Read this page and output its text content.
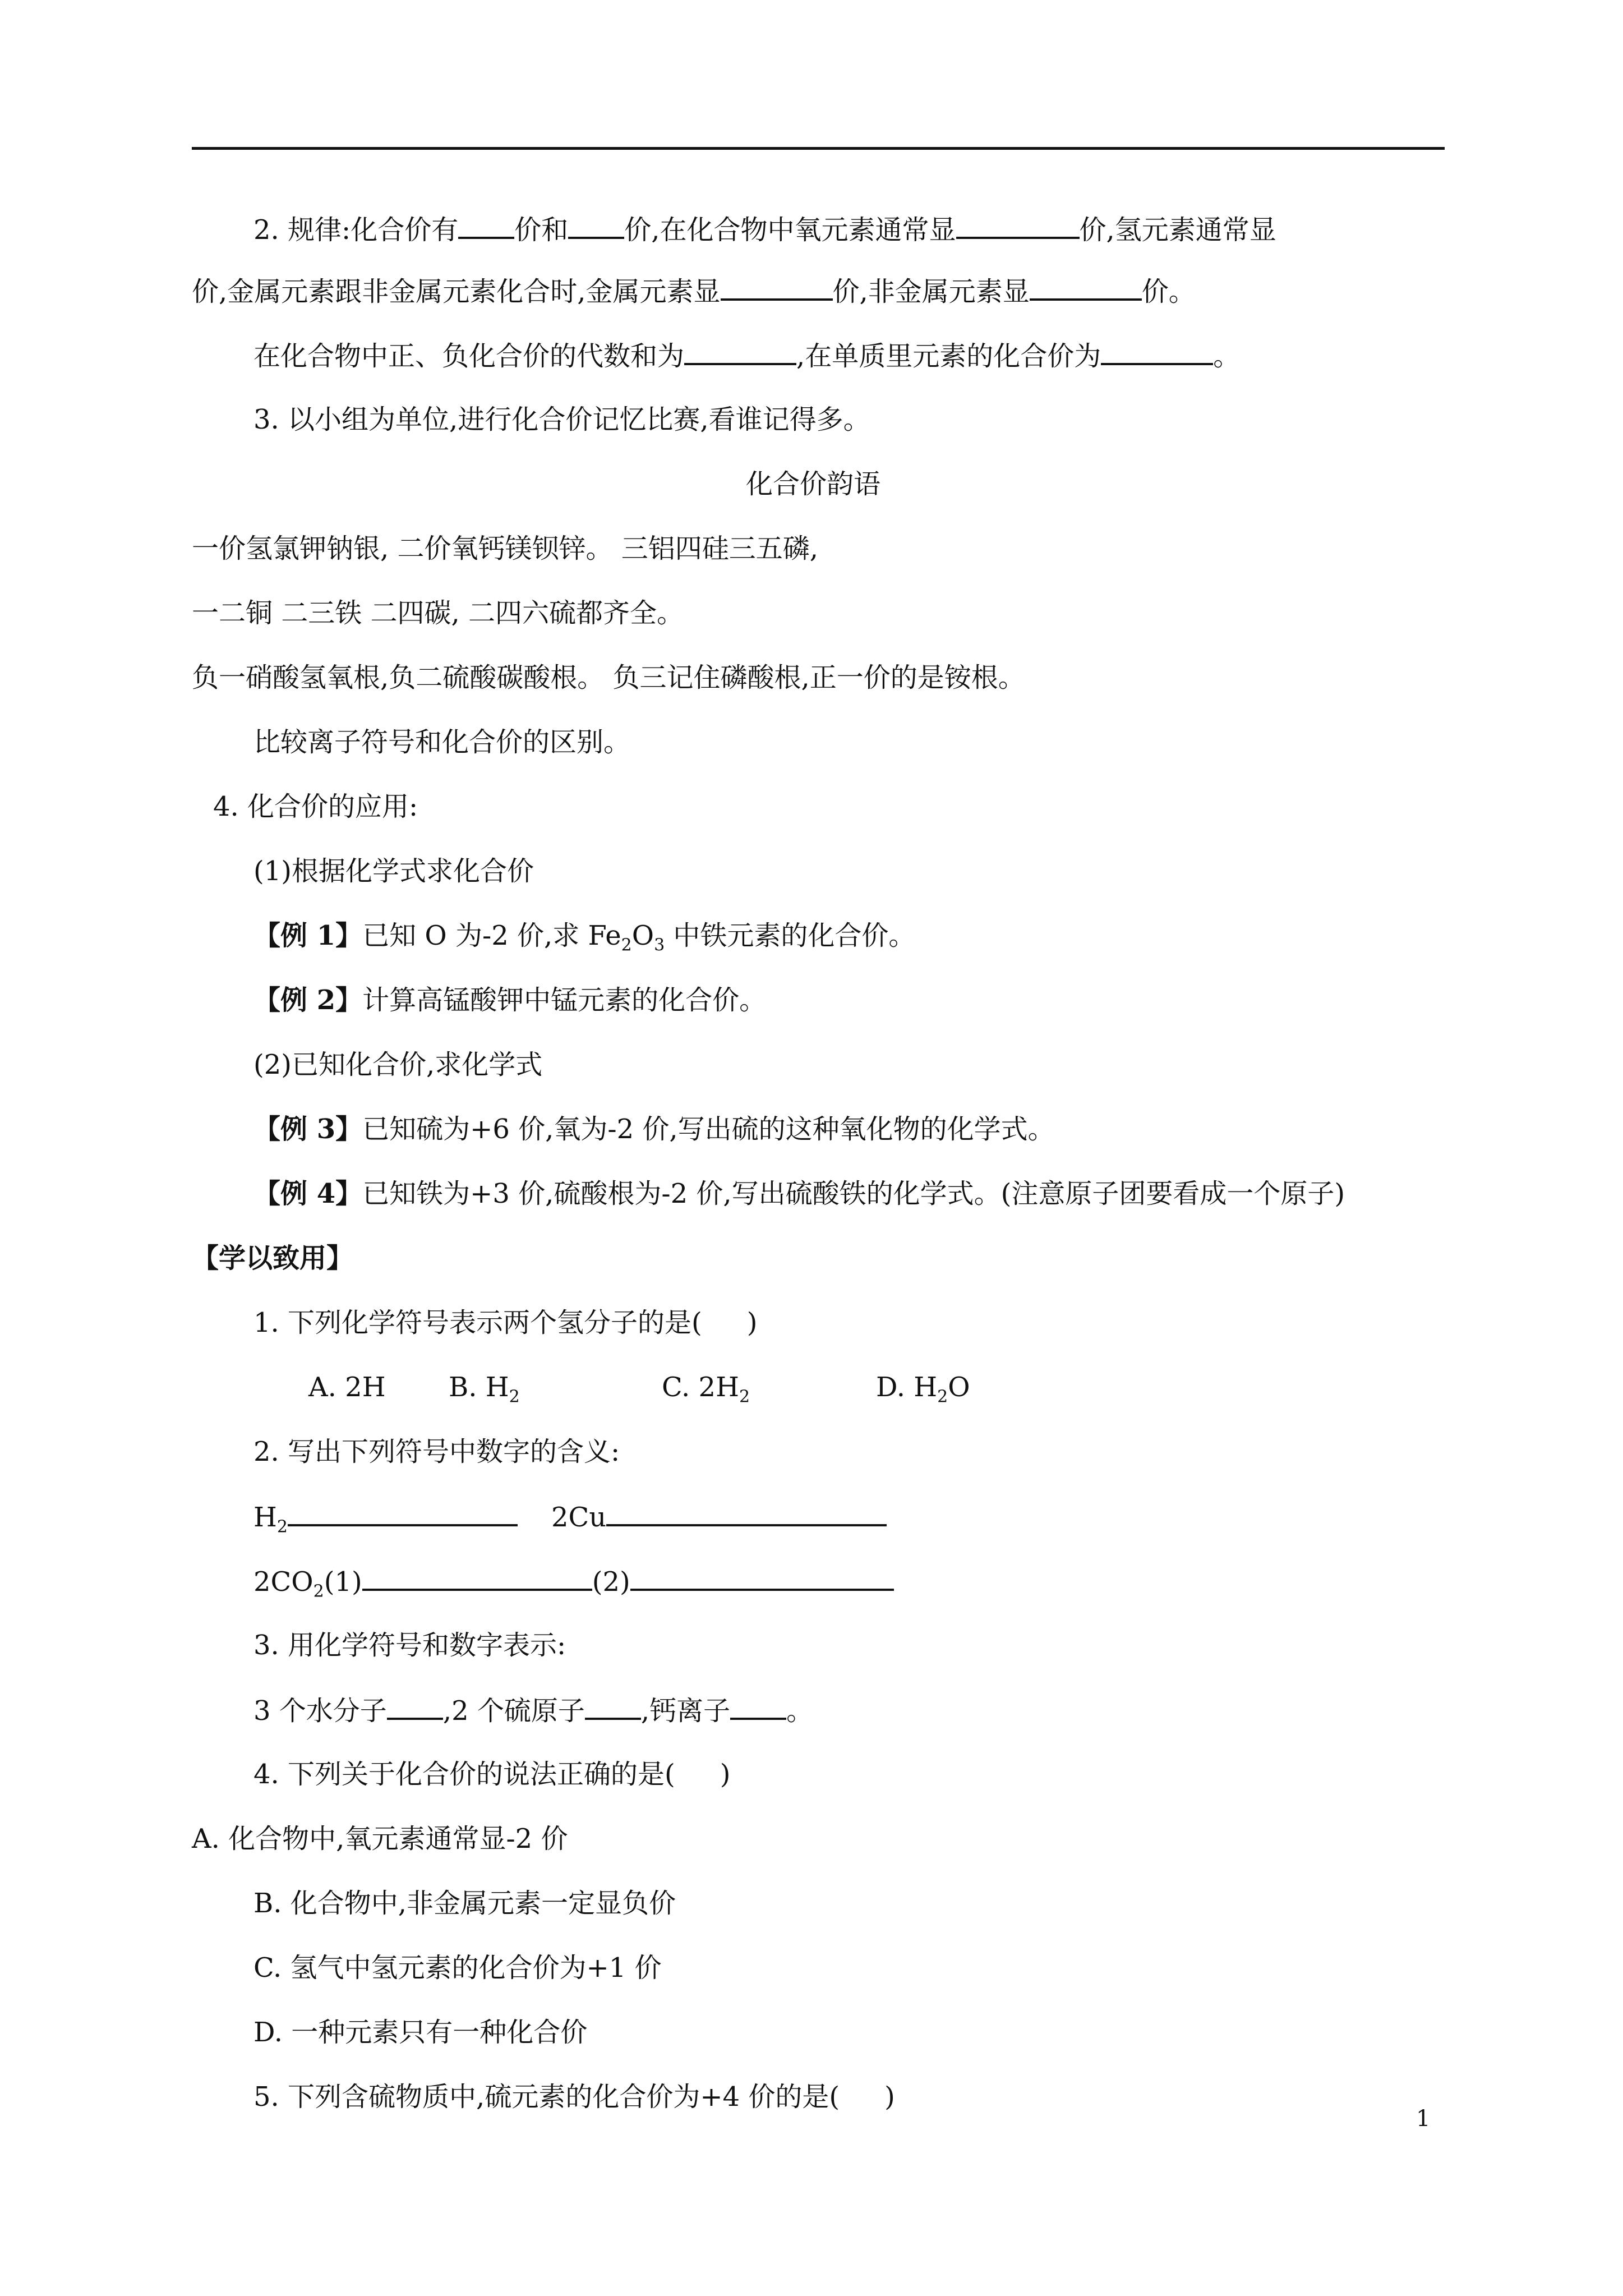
2. 规律:化合价有 价和 价,在化合物中氧元素通常显	价,氢元素通常显
价,金属元素跟非金属元素化合时,金属元素显	价,非金属元素显	价。
在化合物中正、负化合价的代数和为	,在单质里元素的化合价为	。
3. 以小组为单位,进行化合价记忆比赛,看谁记得多。
化合价韵语
一价氢氯钾钠银, 二价氧钙镁钡锌。 三铝四硅三五磷,
一二铜 二三铁 二四碳, 二四六硫都齐全。
负一硝酸氢氧根,负二硫酸碳酸根。 负三记住磷酸根,正一价的是铵根。
比较离子符号和化合价的区别。
4. 化合价的应用:
(1)根据化学式求化合价
【例 1】已知 O 为-2 价,求 $Fe_2O_3$ 中铁元素的化合价。
【例 2】计算高锰酸钾中锰元素的化合价。
(2)已知化合价,求化学式
【例 3】已知硫为+6 价,氧为-2 价,写出硫的这种氧化物的化学式。
【例 4】已知铁为+3 价,硫酸根为-2 价,写出硫酸铁的化学式。(注意原子团要看成一个原子)
【学以致用】
1. 下列化学符号表示两个氢分子的是( )
A. 2H B. $H_2$	C. $2H_2$	D. $H_2O$
2. 写出下列符号中数字的含义:
$H_2$	2Cu
$2CO_2(1)$	(2)
3. 用化学符号和数字表示:
3 个水分子 ,2 个硫原子 ,钙离子 。
4. 下列关于化合价的说法正确的是( )
A. 化合物中,氧元素通常显-2 价
B. 化合物中,非金属元素一定显负价
C. 氢气中氢元素的化合价为+1 价
D. 一种元素只有一种化合价
5. 下列含硫物质中,硫元素的化合价为+4 价的是( )
1
